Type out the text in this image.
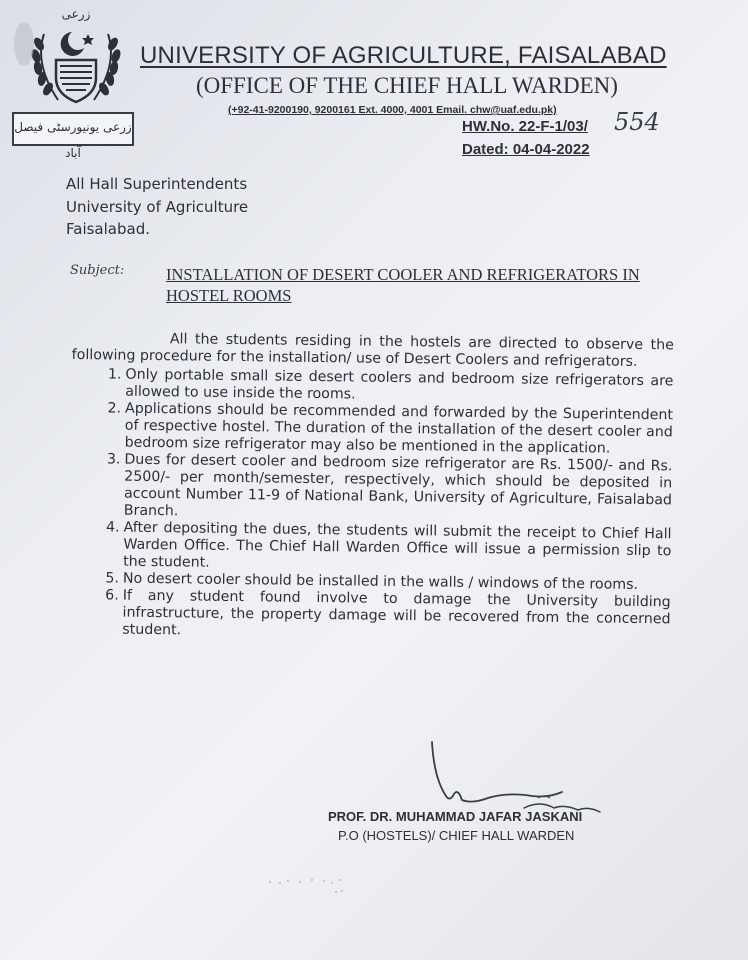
زرعی
زرعی یونیورسٹی فیصل آباد
UNIVERSITY OF AGRICULTURE, FAISALABAD
(OFFICE OF THE CHIEF HALL WARDEN)
(+92-41-9200190, 9200161 Ext. 4000, 4001 Email. chw@uaf.edu.pk)
HW.No. 22-F-1/03/ 554
Dated: 04-04-2022
All Hall Superintendents
University of Agriculture
Faisalabad.
Subject:	INSTALLATION OF DESERT COOLER AND REFRIGERATORS IN HOSTEL ROOMS

All the students residing in the hostels are directed to observe the following procedure for the installation/ use of Desert Coolers and refrigerators.

1. Only portable small size desert coolers and bedroom size refrigerators are allowed to use inside the rooms.
2. Applications should be recommended and forwarded by the Superintendent of respective hostel. The duration of the installation of the desert cooler and bedroom size refrigerator may also be mentioned in the application.
3. Dues for desert cooler and bedroom size refrigerator are Rs. 1500/- and Rs. 2500/- per month/semester, respectively, which should be deposited in account Number 11-9 of National Bank, University of Agriculture, Faisalabad Branch.
4. After depositing the dues, the students will submit the receipt to Chief Hall Warden Office. The Chief Hall Warden Office will issue a permission slip to the student.
5. No desert cooler should be installed in the walls / windows of the rooms.
6. If any student found involve to damage the University building infrastructure, the property damage will be recovered from the concerned student.
PROF. DR. MUHAMMAD JAFAR JASKANI
P.O (HOSTELS)/ CHIEF HALL WARDEN
